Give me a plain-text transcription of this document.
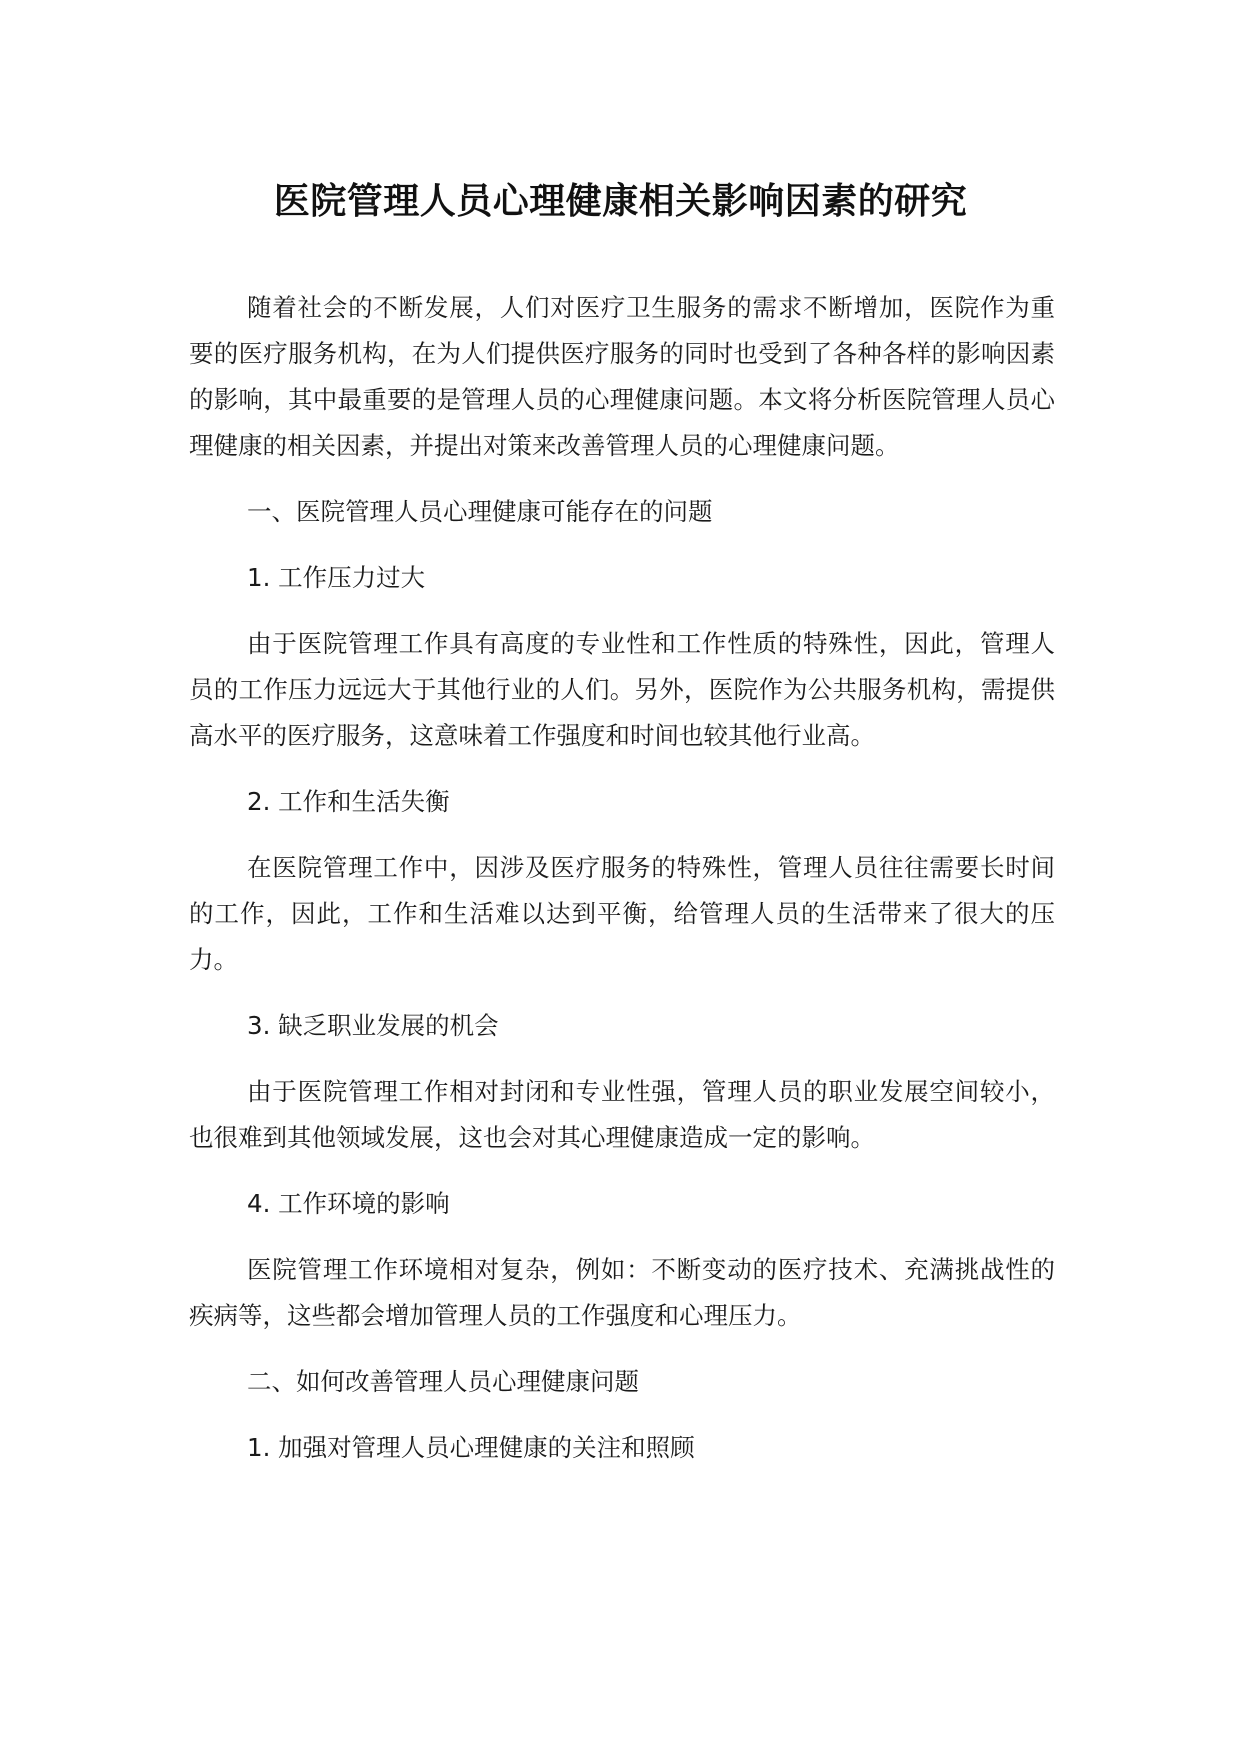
医院管理人员心理健康相关影响因素的研究

随着社会的不断发展，人们对医疗卫生服务的需求不断增加，医院作为重要的医疗服务机构，在为人们提供医疗服务的同时也受到了各种各样的影响因素的影响，其中最重要的是管理人员的心理健康问题。本文将分析医院管理人员心理健康的相关因素，并提出对策来改善管理人员的心理健康问题。

一、医院管理人员心理健康可能存在的问题
1. 工作压力过大

由于医院管理工作具有高度的专业性和工作性质的特殊性，因此，管理人员的工作压力远远大于其他行业的人们。另外，医院作为公共服务机构，需提供高水平的医疗服务，这意味着工作强度和时间也较其他行业高。

2. 工作和生活失衡

在医院管理工作中，因涉及医疗服务的特殊性，管理人员往往需要长时间的工作，因此，工作和生活难以达到平衡，给管理人员的生活带来了很大的压力。

3. 缺乏职业发展的机会

由于医院管理工作相对封闭和专业性强，管理人员的职业发展空间较小，也很难到其他领域发展，这也会对其心理健康造成一定的影响。

4. 工作环境的影响

医院管理工作环境相对复杂，例如：不断变动的医疗技术、充满挑战性的疾病等，这些都会增加管理人员的工作强度和心理压力。

二、如何改善管理人员心理健康问题
1. 加强对管理人员心理健康的关注和照顾
